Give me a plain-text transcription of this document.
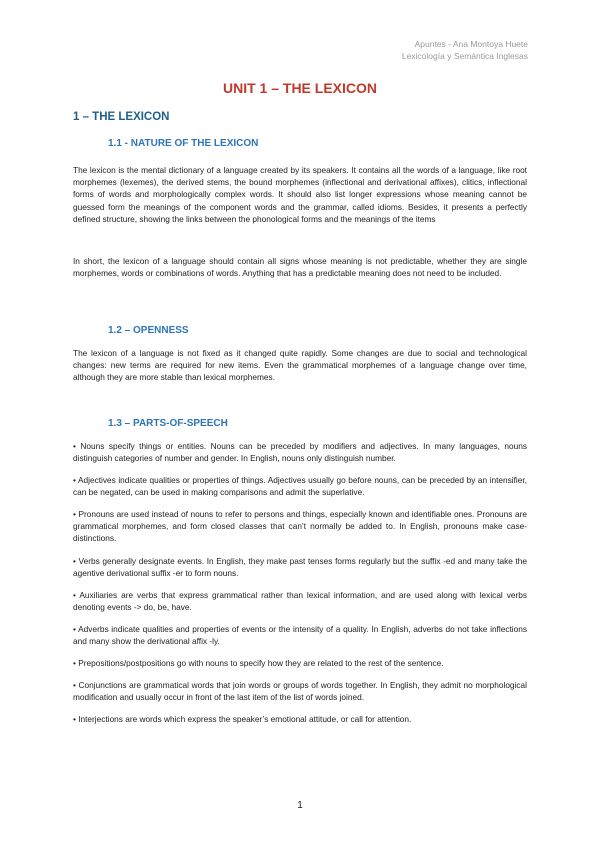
Apuntes - Ana Montoya Huete
Lexicología y Semántica Inglesas
UNIT 1 – THE LEXICON
1 – THE LEXICON
1.1 - NATURE OF THE LEXICON
The lexicon is the mental dictionary of a language created by its speakers. It contains all the words of a language, like root morphemes (lexemes), the derived stems, the bound morphemes (inflectional and derivational affixes), clitics, inflectional forms of words and morphologically complex words. It should also list longer expressions whose meaning cannot be guessed form the meanings of the component words and the grammar, called idioms. Besides, it presents a perfectly defined structure, showing the links between the phonological forms and the meanings of the items
In short, the lexicon of a language should contain all signs whose meaning is not predictable, whether they are single morphemes, words or combinations of words. Anything that has a predictable meaning does not need to be included.
1.2 – OPENNESS
The lexicon of a language is not fixed as it changed quite rapidly. Some changes are due to social and technological changes: new terms are required for new items. Even the grammatical morphemes of a language change over time, although they are more stable than lexical morphemes.
1.3 – PARTS-OF-SPEECH
• Nouns specify things or entities. Nouns can be preceded by modifiers and adjectives. In many languages, nouns distinguish categories of number and gender. In English, nouns only distinguish number.
• Adjectives indicate qualities or properties of things. Adjectives usually go before nouns, can be preceded by an intensifier, can be negated, can be used in making comparisons and admit the superlative.
• Pronouns are used instead of nouns to refer to persons and things, especially known and identifiable ones. Pronouns are grammatical morphemes, and form closed classes that can’t normally be added to. In English, pronouns make case-distinctions.
• Verbs generally designate events. In English, they make past tenses forms regularly but the suffix -ed and many take the agentive derivational suffix -er to form nouns.
• Auxiliaries are verbs that express grammatical rather than lexical information, and are used along with lexical verbs denoting events -> do, be, have.
• Adverbs indicate qualities and properties of events or the intensity of a quality. In English, adverbs do not take inflections and many show the derivational affix -ly.
• Prepositions/postpositions go with nouns to specify how they are related to the rest of the sentence.
• Conjunctions are grammatical words that join words or groups of words together. In English, they admit no morphological modification and usually occur in front of the last item of the list of words joined.
• Interjections are words which express the speaker’s emotional attitude, or call for attention.
1
